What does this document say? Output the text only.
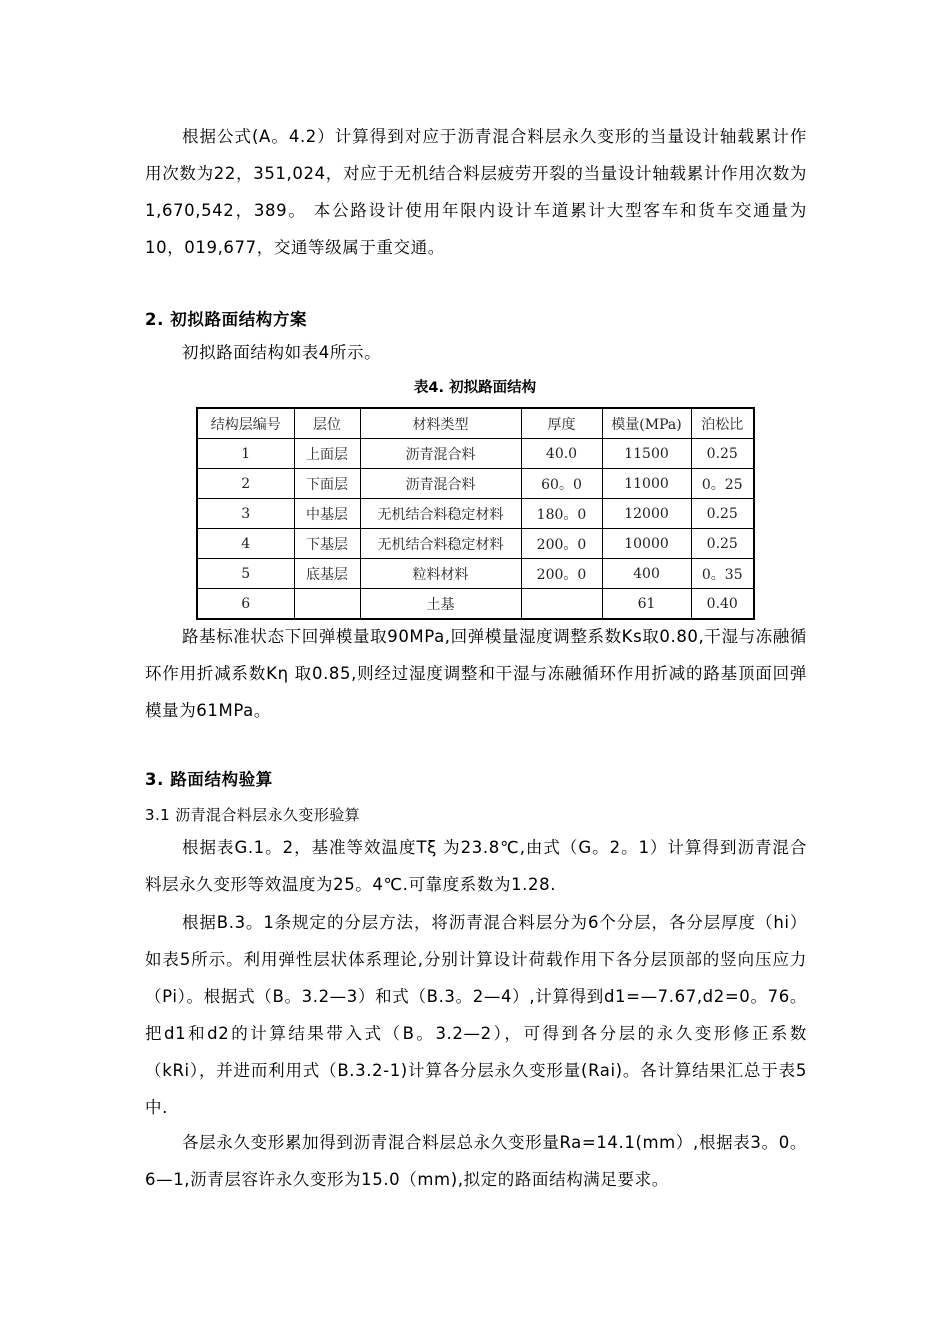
根据公式(A。4.2）计算得到对应于沥青混合料层永久变形的当量设计轴载累计作用次数为22，351,024，对应于无机结合料层疲劳开裂的当量设计轴载累计作用次数为1,670,542，389。 本公路设计使用年限内设计车道累计大型客车和货车交通量为10，019,677，交通等级属于重交通。

2. 初拟路面结构方案

初拟路面结构如表4所示。

表4. 初拟路面结构

结构层编号	层位	材料类型	厚度	模量(MPa)	泊松比
1	上面层	沥青混合料	40.0	11500	0.25
2	下面层	沥青混合料	60。0	11000	0。25
3	中基层	无机结合料稳定材料	180。0	12000	0.25
4	下基层	无机结合料稳定材料	200。0	10000	0.25
5	底基层	粒料材料	200。0	400	0。35
6		土基		61	0.40

路基标准状态下回弹模量取90MPa,回弹模量湿度调整系数Ks取0.80,干湿与冻融循环作用折减系数Kη 取0.85,则经过湿度调整和干湿与冻融循环作用折减的路基顶面回弹模量为61MPa。

3. 路面结构验算

3.1 沥青混合料层永久变形验算

根据表G.1。2，基准等效温度Tξ 为23.8℃,由式（G。2。1）计算得到沥青混合料层永久变形等效温度为25。4℃.可靠度系数为1.28.

根据B.3。1条规定的分层方法，将沥青混合料层分为6个分层，各分层厚度（hi）如表5所示。利用弹性层状体系理论,分别计算设计荷载作用下各分层顶部的竖向压应力（Pi）。根据式（B。3.2—3）和式（B.3。2—4）,计算得到d1=—7.67,d2=0。76。把d1和d2的计算结果带入式（B。3.2—2），可得到各分层的永久变形修正系数（kRi），并进而利用式（B.3.2-1)计算各分层永久变形量(Rai)。各计算结果汇总于表5中.

各层永久变形累加得到沥青混合料层总永久变形量Ra=14.1(mm）,根据表3。0。6—1,沥青层容许永久变形为15.0（mm),拟定的路面结构满足要求。
